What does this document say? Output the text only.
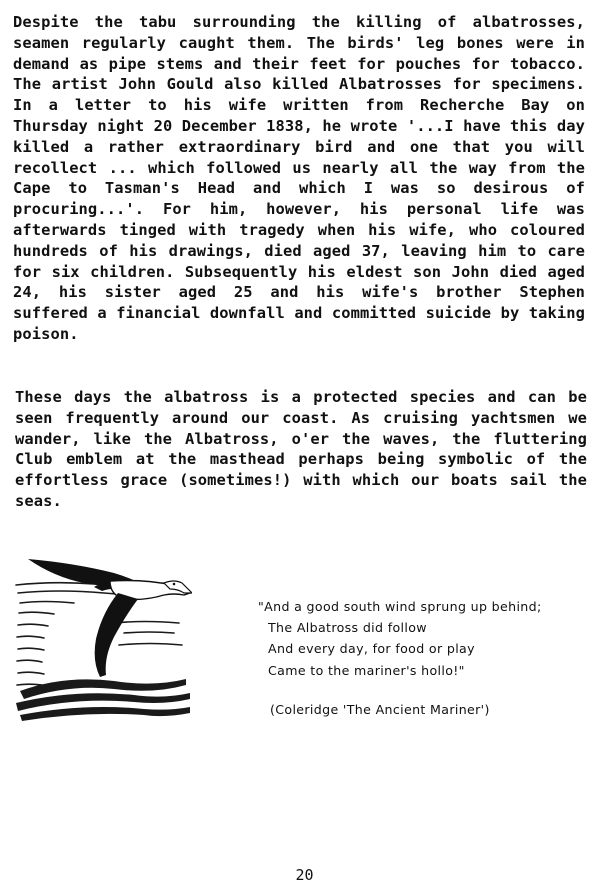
Despite the tabu surrounding the killing of albatrosses, seamen regularly caught them. The birds' leg bones were in demand as pipe stems and their feet for pouches for tobacco. The artist John Gould also killed Albatrosses for specimens. In a letter to his wife written from Recherche Bay on Thursday night 20 December 1838, he wrote '...I have this day killed a rather extraordinary bird and one that you will recollect ... which followed us nearly all the way from the Cape to Tasman's Head and which I was so desirous of procuring...'. For him, however, his personal life was afterwards tinged with tragedy when his wife, who coloured hundreds of his drawings, died aged 37, leaving him to care for six children. Subsequently his eldest son John died aged 24, his sister aged 25 and his wife's brother Stephen suffered a financial downfall and committed suicide by taking poison.

These days the albatross is a protected species and can be seen frequently around our coast. As cruising yachtsmen we wander, like the Albatross, o'er the waves, the fluttering Club emblem at the masthead perhaps being symbolic of the effortless grace (sometimes!) with which our boats sail the seas.

"And a good south wind sprung up behind;
The Albatross did follow
And every day, for food or play
Came to the mariner's hollo!"
(Coleridge 'The Ancient Mariner')
20
